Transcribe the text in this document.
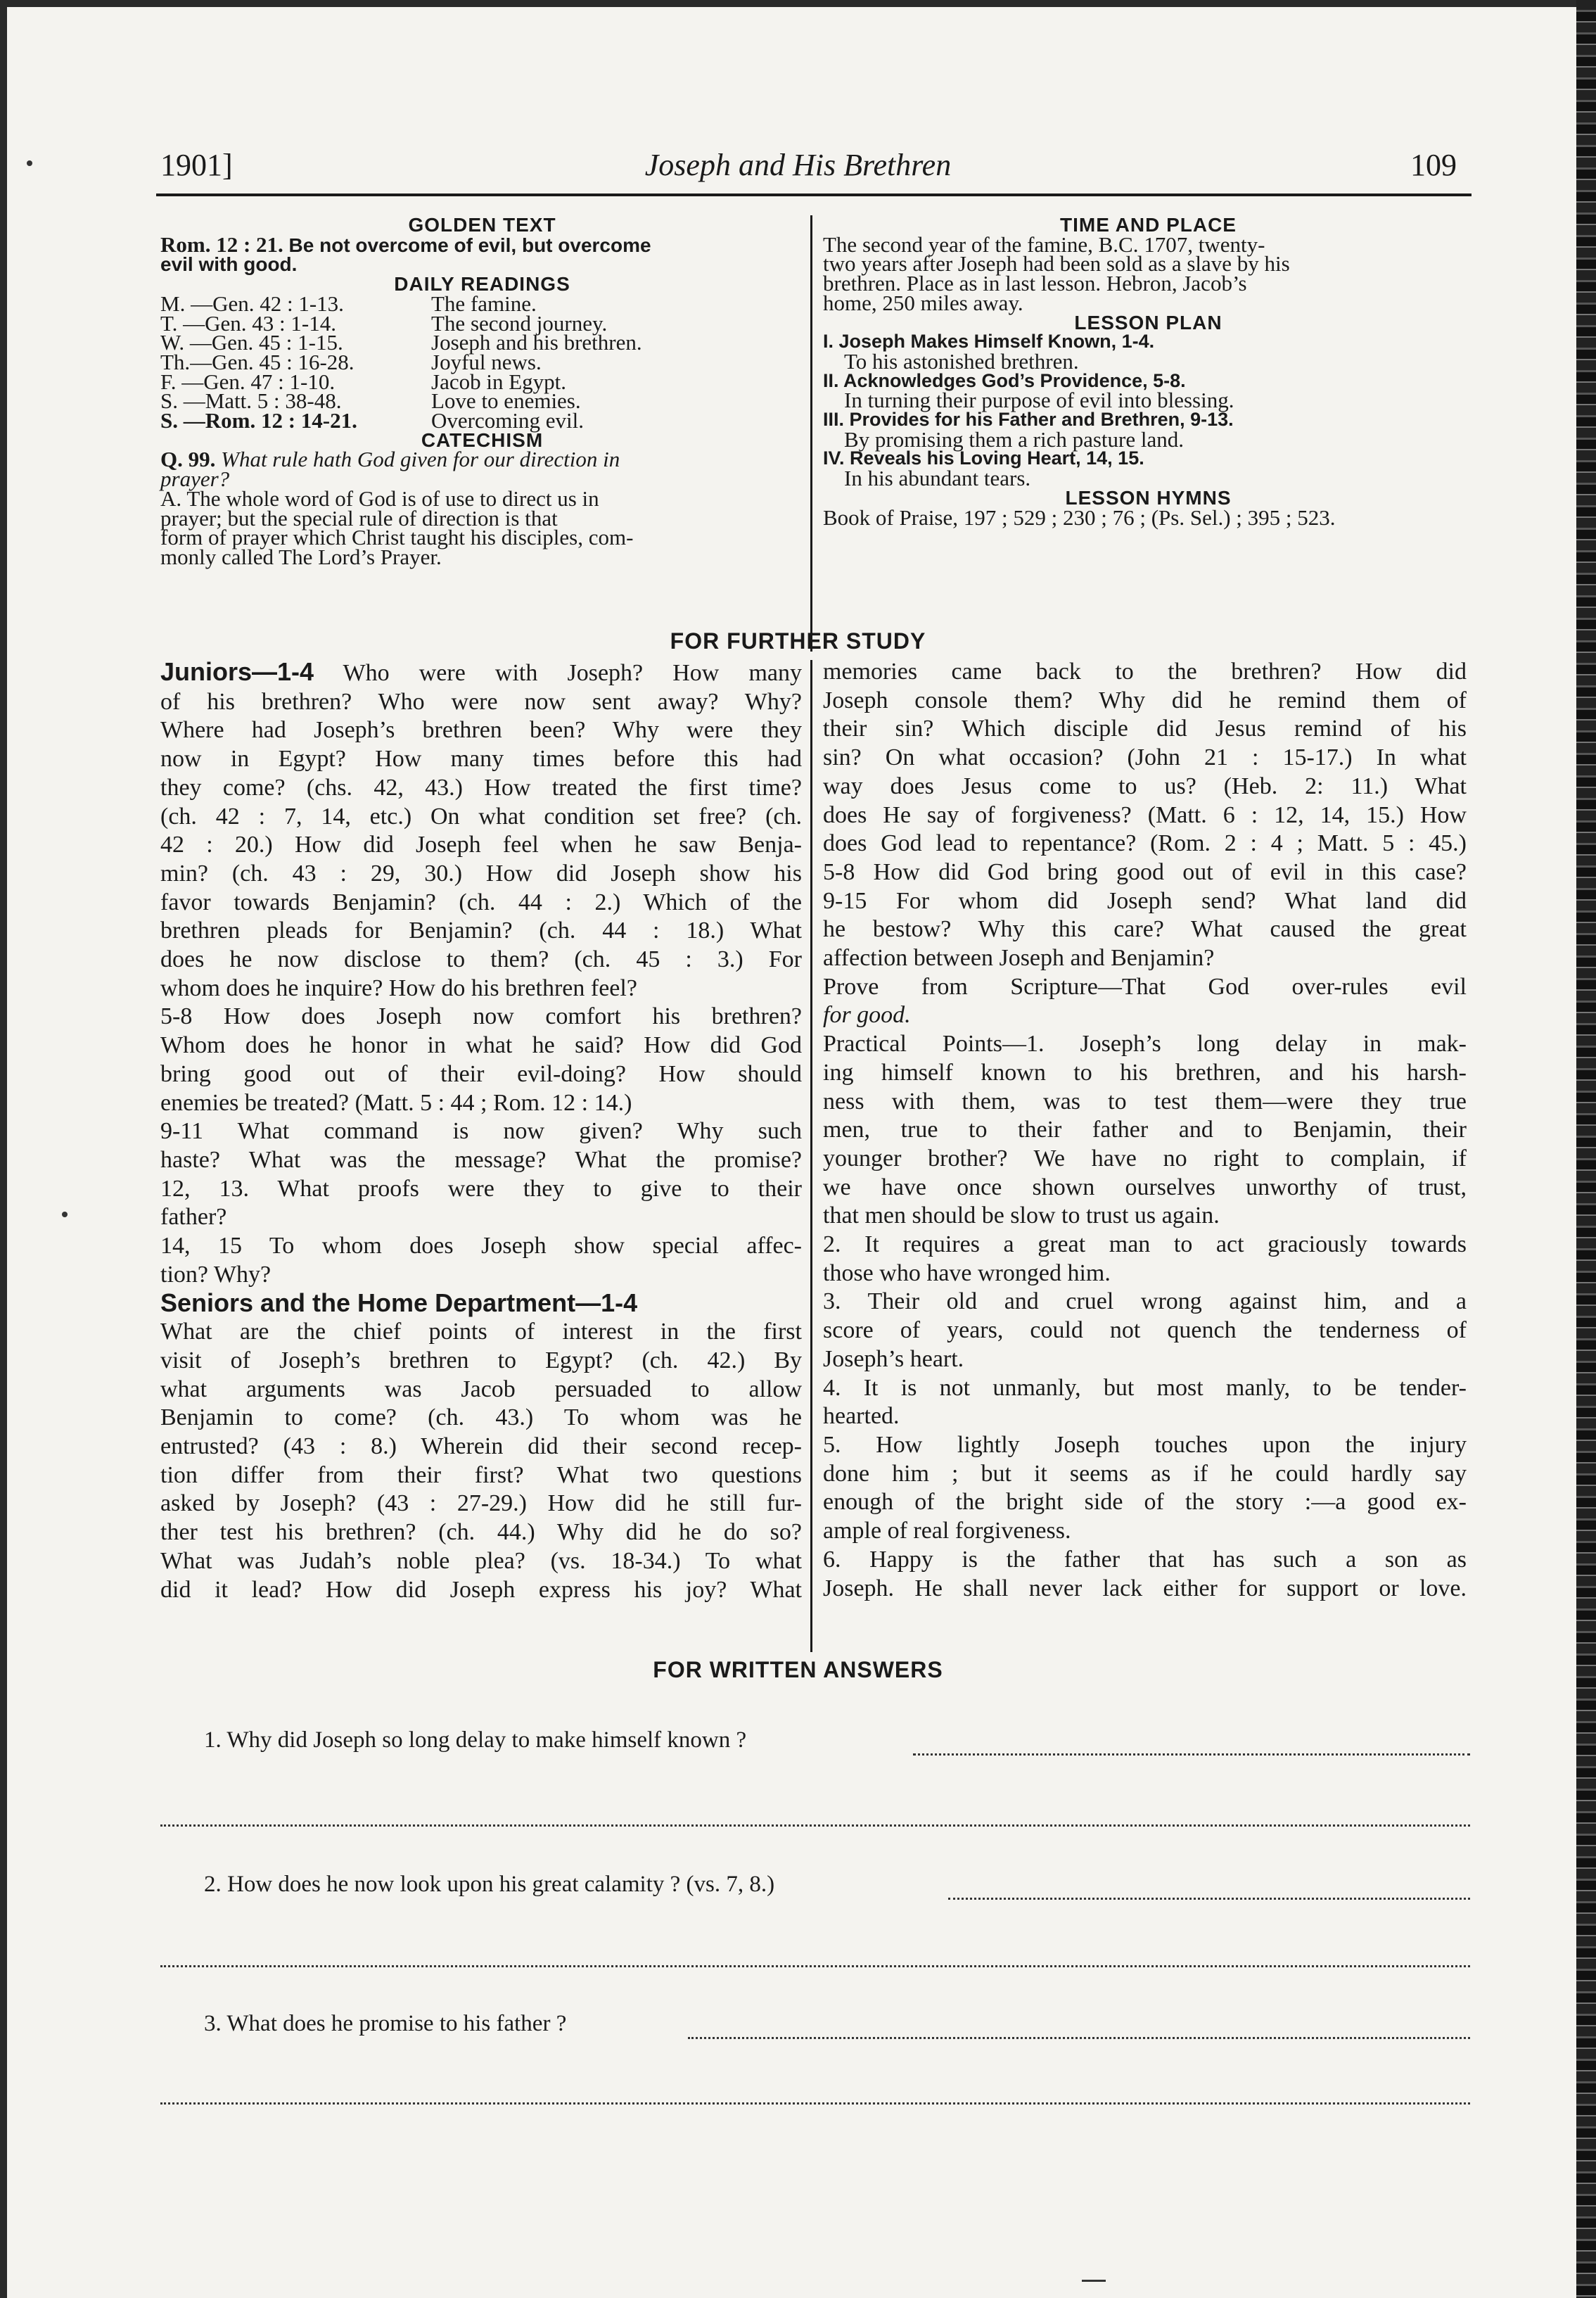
1901]	Joseph and His Brethren	109
GOLDEN TEXT
Rom. 12 : 21. Be not overcome of evil, but overcome
evil with good.
DAILY READINGS
M. —Gen. 42 : 1-13.	The famine.
T. —Gen. 43 : 1-14.	The second journey.
W. —Gen. 45 : 1-15.	Joseph and his brethren.
Th.—Gen. 45 : 16-28.	Joyful news.
F. —Gen. 47 : 1-10.	Jacob in Egypt.
S. —Matt. 5 : 38-48.	Love to enemies.
S. —Rom. 12 : 14-21.	Overcoming evil.
CATECHISM
Q. 99. What rule hath God given for our direction in
prayer?
A. The whole word of God is of use to direct us in
prayer; but the special rule of direction is that
form of prayer which Christ taught his disciples, com-
monly called The Lord’s Prayer.
TIME AND PLACE
The second year of the famine, B.C. 1707, twenty-
two years after Joseph had been sold as a slave by his
brethren. Place as in last lesson. Hebron, Jacob’s
home, 250 miles away.
LESSON PLAN
I. Joseph Makes Himself Known, 1-4.
To his astonished brethren.
II. Acknowledges God’s Providence, 5-8.
In turning their purpose of evil into blessing.
III. Provides for his Father and Brethren, 9-13.
By promising them a rich pasture land.
IV. Reveals his Loving Heart, 14, 15.
In his abundant tears.
LESSON HYMNS
Book of Praise, 197 ; 529 ; 230 ; 76 ; (Ps. Sel.) ; 395 ; 523.
FOR FURTHER STUDY
Juniors—1-4 Who were with Joseph? How many
of his brethren? Who were now sent away? Why?
Where had Joseph’s brethren been? Why were they
now in Egypt? How many times before this had
they come? (chs. 42, 43.) How treated the first time?
(ch. 42 : 7, 14, etc.) On what condition set free? (ch.
42 : 20.) How did Joseph feel when he saw Benja-
min? (ch. 43 : 29, 30.) How did Joseph show his
favor towards Benjamin? (ch. 44 : 2.) Which of the
brethren pleads for Benjamin? (ch. 44 : 18.) What
does he now disclose to them? (ch. 45 : 3.) For
whom does he inquire? How do his brethren feel?
5-8 How does Joseph now comfort his brethren?
Whom does he honor in what he said? How did God
bring good out of their evil-doing? How should
enemies be treated? (Matt. 5 : 44 ; Rom. 12 : 14.)
9-11 What command is now given? Why such
haste? What was the message? What the promise?
12, 13. What proofs were they to give to their
father?
14, 15 To whom does Joseph show special affec-
tion? Why?
Seniors and the Home Department—1-4
What are the chief points of interest in the first
visit of Joseph’s brethren to Egypt? (ch. 42.) By
what arguments was Jacob persuaded to allow
Benjamin to come? (ch. 43.) To whom was he
entrusted? (43 : 8.) Wherein did their second recep-
tion differ from their first? What two questions
asked by Joseph? (43 : 27-29.) How did he still fur-
ther test his brethren? (ch. 44.) Why did he do so?
What was Judah’s noble plea? (vs. 18-34.) To what
did it lead? How did Joseph express his joy? What
memories came back to the brethren? How did
Joseph console them? Why did he remind them of
their sin? Which disciple did Jesus remind of his
sin? On what occasion? (John 21 : 15-17.) In what
way does Jesus come to us? (Heb. 2: 11.) What
does He say of forgiveness? (Matt. 6 : 12, 14, 15.) How
does God lead to repentance? (Rom. 2 : 4 ; Matt. 5 : 45.)
5-8 How did God bring good out of evil in this case?
9-15 For whom did Joseph send? What land did
he bestow? Why this care? What caused the great
affection between Joseph and Benjamin?
Prove from Scripture—That God over-rules evil
for good.
Practical Points—1. Joseph’s long delay in mak-
ing himself known to his brethren, and his harsh-
ness with them, was to test them—were they true
men, true to their father and to Benjamin, their
younger brother? We have no right to complain, if
we have once shown ourselves unworthy of trust,
that men should be slow to trust us again.
2. It requires a great man to act graciously towards
those who have wronged him.
3. Their old and cruel wrong against him, and a
score of years, could not quench the tenderness of
Joseph’s heart.
4. It is not unmanly, but most manly, to be tender-
hearted.
5. How lightly Joseph touches upon the injury
done him ; but it seems as if he could hardly say
enough of the bright side of the story :—a good ex-
ample of real forgiveness.
6. Happy is the father that has such a son as
Joseph. He shall never lack either for support or love.
FOR WRITTEN ANSWERS
1. Why did Joseph so long delay to make himself known ?
2. How does he now look upon his great calamity ? (vs. 7, 8.)
3. What does he promise to his father ?
